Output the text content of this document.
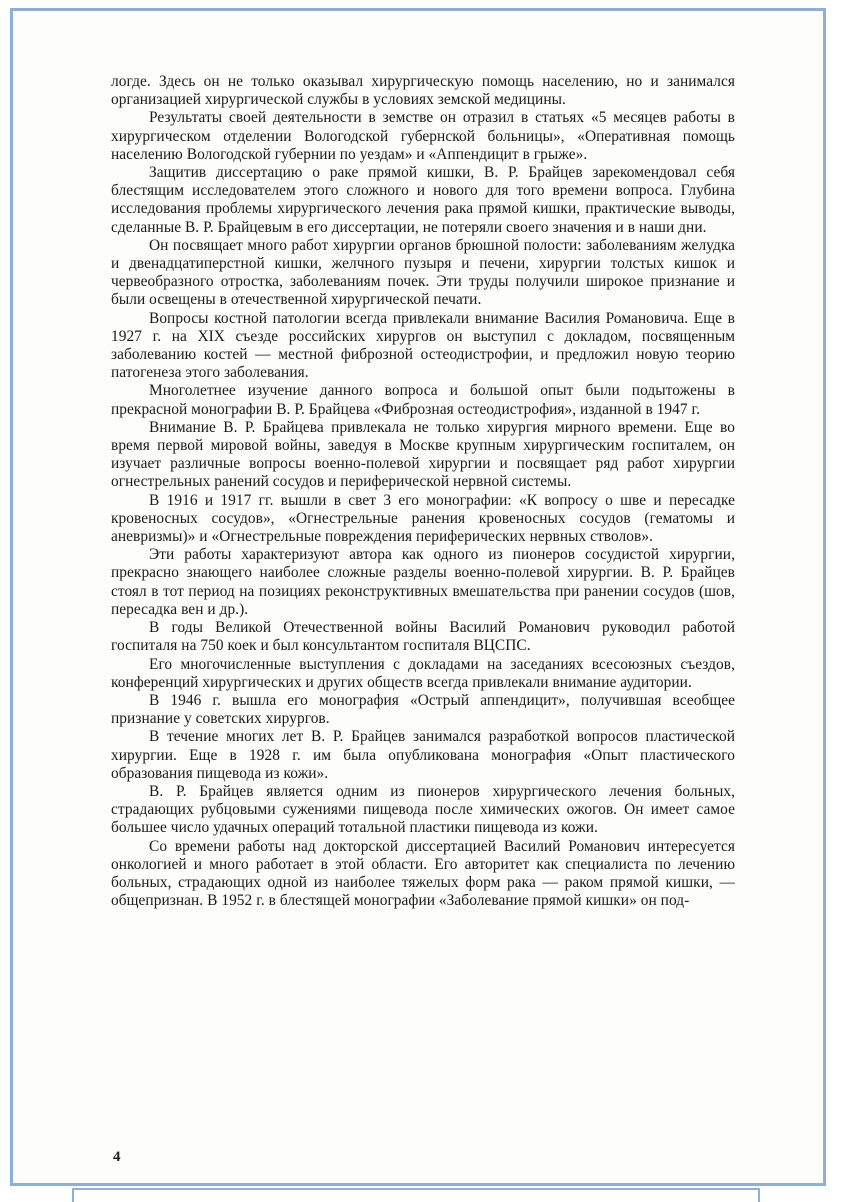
логде. Здесь он не только оказывал хирургическую помощь населению, но и занимался организацией хирургической службы в условиях земской медицины.

Результаты своей деятельности в земстве он отразил в статьях «5 месяцев работы в хирургическом отделении Вологодской губернской больницы», «Оперативная помощь населению Вологодской губернии по уездам» и «Аппендицит в грыже».

Защитив диссертацию о раке прямой кишки, В. Р. Брайцев зарекомендовал себя блестящим исследователем этого сложного и нового для того времени вопроса. Глубина исследования проблемы хирургического лечения рака прямой кишки, практические выводы, сделанные В. Р. Брайцевым в его диссертации, не потеряли своего значения и в наши дни.

Он посвящает много работ хирургии органов брюшной полости: заболеваниям желудка и двенадцатиперстной кишки, желчного пузыря и печени, хирургии толстых кишок и червеобразного отростка, заболеваниям почек. Эти труды получили широкое признание и были освещены в отечественной хирургической печати.

Вопросы костной патологии всегда привлекали внимание Василия Романовича. Еще в 1927 г. на XIX съезде российских хирургов он выступил с докладом, посвященным заболеванию костей — местной фиброзной остеодистрофии, и предложил новую теорию патогенеза этого заболевания.

Многолетнее изучение данного вопроса и большой опыт были подытожены в прекрасной монографии В. Р. Брайцева «Фиброзная остеодистрофия», изданной в 1947 г.

Внимание В. Р. Брайцева привлекала не только хирургия мирного времени. Еще во время первой мировой войны, заведуя в Москве крупным хирургическим госпиталем, он изучает различные вопросы военно-полевой хирургии и посвящает ряд работ хирургии огнестрельных ранений сосудов и периферической нервной системы.

В 1916 и 1917 гг. вышли в свет 3 его монографии: «К вопросу о шве и пересадке кровеносных сосудов», «Огнестрельные ранения кровеносных сосудов (гематомы и аневризмы)» и «Огнестрельные повреждения периферических нервных стволов».

Эти работы характеризуют автора как одного из пионеров сосудистой хирургии, прекрасно знающего наиболее сложные разделы военно-полевой хирургии. В. Р. Брайцев стоял в тот период на позициях реконструктивных вмешательства при ранении сосудов (шов, пересадка вен и др.).

В годы Великой Отечественной войны Василий Романович руководил работой госпиталя на 750 коек и был консультантом госпиталя ВЦСПС.

Его многочисленные выступления с докладами на заседаниях всесоюзных съездов, конференций хирургических и других обществ всегда привлекали внимание аудитории.

В 1946 г. вышла его монография «Острый аппендицит», получившая всеобщее признание у советских хирургов.

В течение многих лет В. Р. Брайцев занимался разработкой вопросов пластической хирургии. Еще в 1928 г. им была опубликована монография «Опыт пластического образования пищевода из кожи».

В. Р. Брайцев является одним из пионеров хирургического лечения больных, страдающих рубцовыми сужениями пищевода после химических ожогов. Он имеет самое большее число удачных операций тотальной пластики пищевода из кожи.

Со времени работы над докторской диссертацией Василий Романович интересуется онкологией и много работает в этой области. Его авторитет как специалиста по лечению больных, страдающих одной из наиболее тяжелых форм рака — раком прямой кишки, — общепризнан. В 1952 г. в блестящей монографии «Заболевание прямой кишки» он под-

4
